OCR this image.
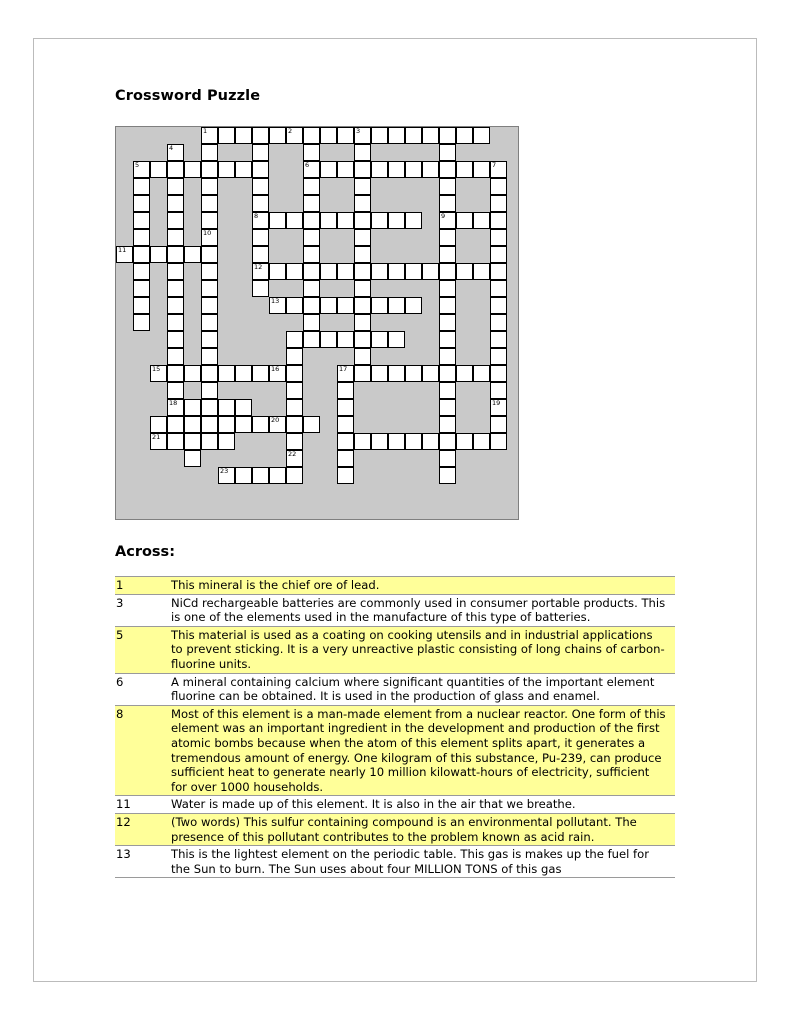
Crossword Puzzle
1	2	3
4
5	6	7
8	9
10
11
12
13
15	16	17
18	19
20
21
22
23
Across:
1	This mineral is the chief ore of lead.
3	NiCd rechargeable batteries are commonly used in consumer portable products. This is one of the elements used in the manufacture of this type of batteries.
5	This material is used as a coating on cooking utensils and in industrial applications to prevent sticking. It is a very unreactive plastic consisting of long chains of carbon-fluorine units.
6	A mineral containing calcium where significant quantities of the important element fluorine can be obtained. It is used in the production of glass and enamel.
8	Most of this element is a man-made element from a nuclear reactor. One form of this element was an important ingredient in the development and production of the first atomic bombs because when the atom of this element splits apart, it generates a tremendous amount of energy. One kilogram of this substance, Pu-239, can produce sufficient heat to generate nearly 10 million kilowatt-hours of electricity, sufficient for over 1000 households.
11	Water is made up of this element. It is also in the air that we breathe.
12	(Two words) This sulfur containing compound is an environmental pollutant. The presence of this pollutant contributes to the problem known as acid rain.
13	This is the lightest element on the periodic table. This gas is makes up the fuel for the Sun to burn. The Sun uses about four MILLION TONS of this gas
